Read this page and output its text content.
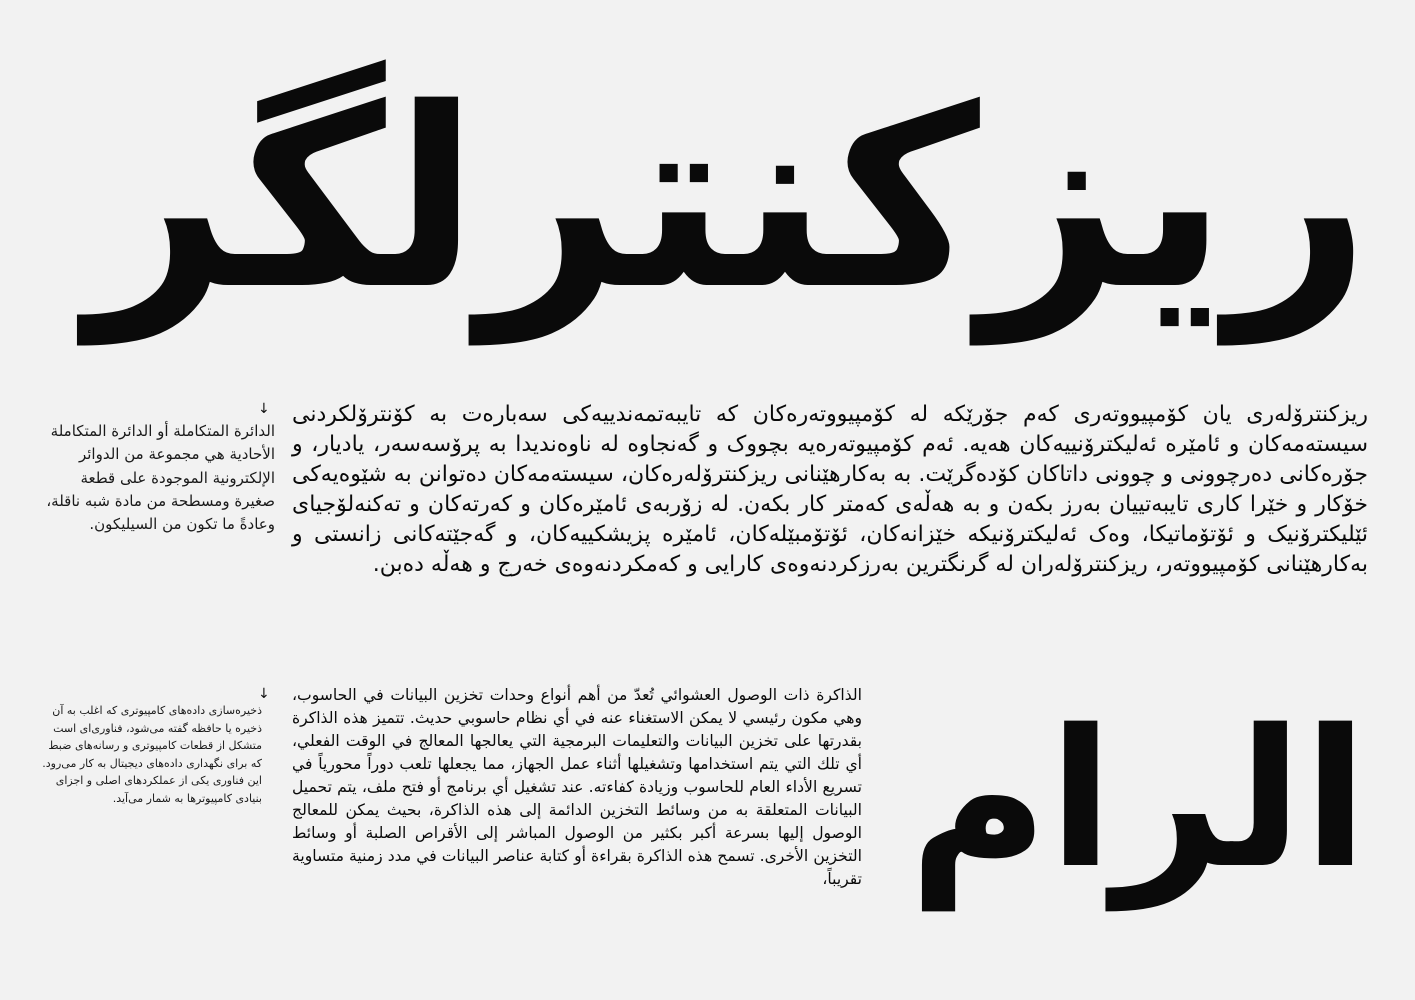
ریزکنترلگر
↓

الدائرة المتكاملة أو الدائرة المتكاملة الأحادية هي مجموعة من الدوائر الإلكترونية الموجودة على قطعة صغيرة ومسطحة من مادة شبه ناقلة، وعادةً ما تكون من السيليكون.

ریزکنترۆلەری یان کۆمپیووتەری کەم جۆرێکە لە کۆمپیووتەرەکان کە تایبەتمەندییەکی سەبارەت بە کۆنترۆلکردنی سیستەمەکان و ئامێرە ئەلیکترۆنییەکان هەیە. ئەم کۆمپیوتەرەیە بچووک و گەنجاوە لە ناوەندیدا بە پرۆسەسەر، یادیار، و جۆرەکانی دەرچوونی و چوونی داتاکان کۆدەگرێت. بە بەکارهێنانی ریزکنترۆلەرەکان، سیستەمەکان دەتوانن بە شێوەیەکی خۆکار و خێرا کاری تایبەتییان بەرز بکەن و بە هەڵەی کەمتر کار بکەن. لە زۆربەی ئامێرەکان و کەرتەکان و تەکنەلۆجیای ئێلیکترۆنیک و ئۆتۆماتیکا، وەک ئەلیکترۆنیکە خێزانەکان، ئۆتۆمبێلەکان، ئامێرە پزیشکییەکان، و گەجێتەکانی زانستی و بەکارهێنانی کۆمپیووتەر، ریزکنترۆلەران لە گرنگترین بەرزکردنەوەی کارایی و کەمکردنەوەی خەرج و هەڵە دەبن.

↓

ذخیره‌سازی داده‌های کامپیوتری که اغلب به آن ذخیره یا حافظه گفته می‌شود، فناوری‌ای است متشکل از قطعات کامپیوتری و رسانه‌های ضبط که برای نگهداری داده‌های دیجیتال به کار می‌رود. این فناوری یکی از عملکردهای اصلی و اجزای بنیادی کامپیوترها به شمار می‌آید.

الذاكرة ذات الوصول العشوائي تُعدّ من أهم أنواع وحدات تخزين البيانات في الحاسوب، وهي مكون رئيسي لا يمكن الاستغناء عنه في أي نظام حاسوبي حديث. تتميز هذه الذاكرة بقدرتها على تخزين البيانات والتعليمات البرمجية التي يعالجها المعالج في الوقت الفعلي، أي تلك التي يتم استخدامها وتشغيلها أثناء عمل الجهاز، مما يجعلها تلعب دوراً محورياً في تسريع الأداء العام للحاسوب وزيادة كفاءته. عند تشغيل أي برنامج أو فتح ملف، يتم تحميل البيانات المتعلقة به من وسائط التخزين الدائمة إلى هذه الذاكرة، بحيث يمكن للمعالج الوصول إليها بسرعة أكبر بكثير من الوصول المباشر إلى الأقراص الصلبة أو وسائط التخزين الأخرى. تسمح هذه الذاكرة بقراءة أو كتابة عناصر البيانات في مدد زمنية متساوية تقريباً، الرام
